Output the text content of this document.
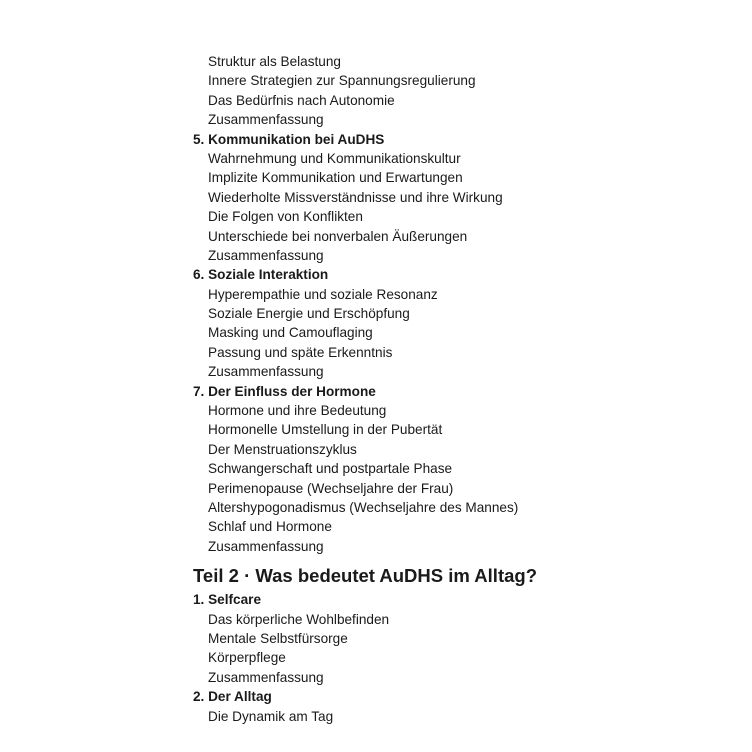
Struktur als Belastung
Innere Strategien zur Spannungsregulierung
Das Bedürfnis nach Autonomie
Zusammenfassung
5. Kommunikation bei AuDHS
Wahrnehmung und Kommunikationskultur
Implizite Kommunikation und Erwartungen
Wiederholte Missverständnisse und ihre Wirkung
Die Folgen von Konflikten
Unterschiede bei nonverbalen Äußerungen
Zusammenfassung
6. Soziale Interaktion
Hyperempathie und soziale Resonanz
Soziale Energie und Erschöpfung
Masking und Camouflaging
Passung und späte Erkenntnis
Zusammenfassung
7. Der Einfluss der Hormone
Hormone und ihre Bedeutung
Hormonelle Umstellung in der Pubertät
Der Menstruationszyklus
Schwangerschaft und postpartale Phase
Perimenopause (Wechseljahre der Frau)
Altershypogonadismus (Wechseljahre des Mannes)
Schlaf und Hormone
Zusammenfassung
Teil 2 · Was bedeutet AuDHS im Alltag?
1. Selfcare
Das körperliche Wohlbefinden
Mentale Selbstfürsorge
Körperpflege
Zusammenfassung
2. Der Alltag
Die Dynamik am Tag
